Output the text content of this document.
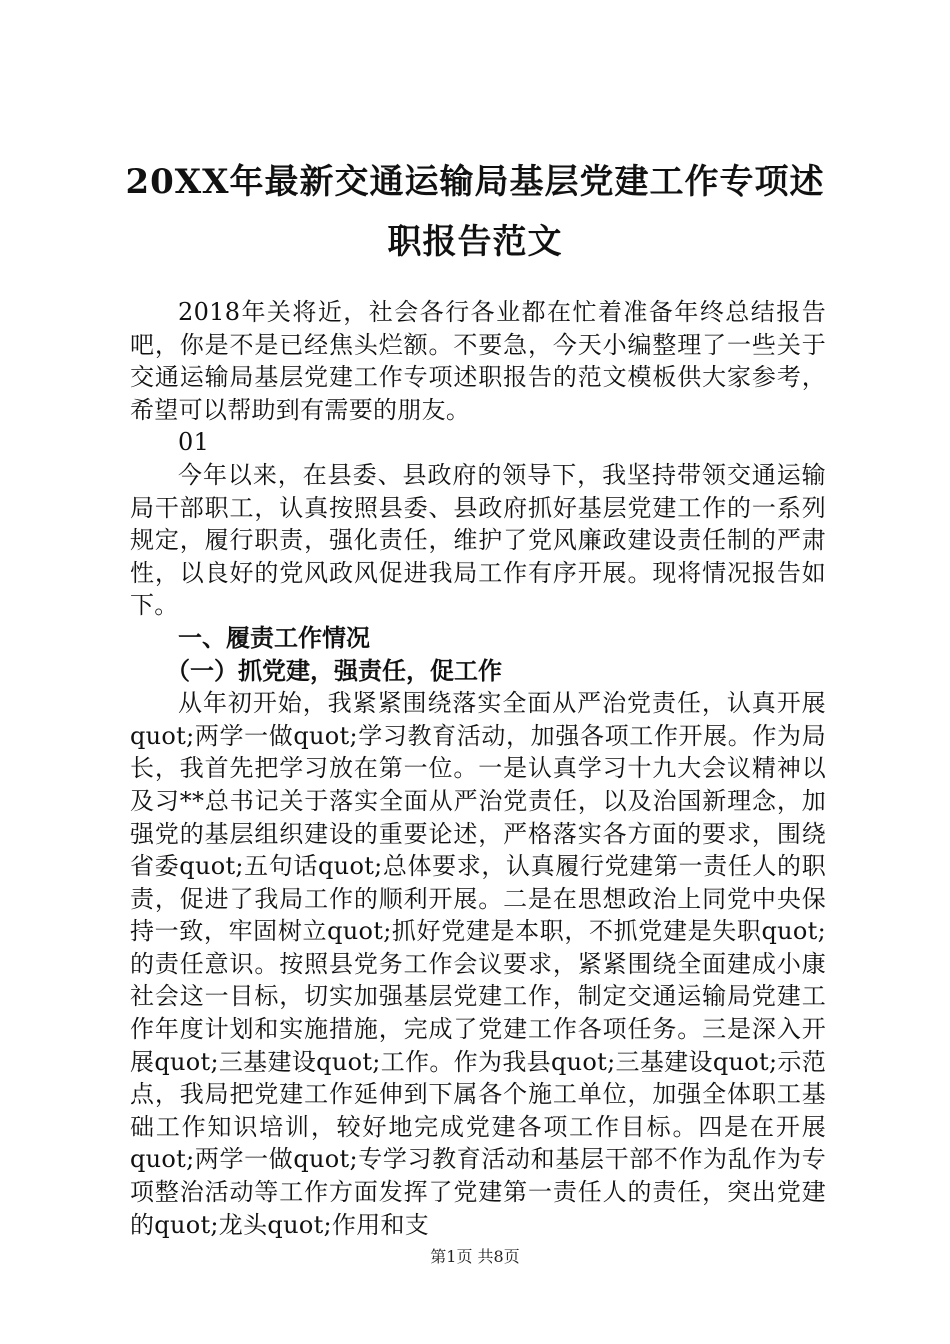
20XX年最新交通运输局基层党建工作专项述
职报告范文

2018年关将近，社会各行各业都在忙着准备年终总结报告吧，你是不是已经焦头烂额。不要急，今天小编整理了一些关于交通运输局基层党建工作专项述职报告的范文模板供大家参考，希望可以帮助到有需要的朋友。

01

今年以来，在县委、县政府的领导下，我坚持带领交通运输局干部职工，认真按照县委、县政府抓好基层党建工作的一系列规定，履行职责，强化责任，维护了党风廉政建设责任制的严肃性，以良好的党风政风促进我局工作有序开展。现将情况报告如下。

一、履责工作情况

（一）抓党建，强责任，促工作

从年初开始，我紧紧围绕落实全面从严治党责任，认真开展quot;两学一做quot;学习教育活动，加强各项工作开展。作为局长，我首先把学习放在第一位。一是认真学习十九大会议精神以及习**总书记关于落实全面从严治党责任，以及治国新理念，加强党的基层组织建设的重要论述，严格落实各方面的要求，围绕省委quot;五句话quot;总体要求，认真履行党建第一责任人的职责，促进了我局工作的顺利开展。二是在思想政治上同党中央保持一致，牢固树立quot;抓好党建是本职，不抓党建是失职quot;的责任意识。按照县党务工作会议要求，紧紧围绕全面建成小康社会这一目标，切实加强基层党建工作，制定交通运输局党建工作年度计划和实施措施，完成了党建工作各项任务。三是深入开展quot;三基建设quot;工作。作为我县quot;三基建设quot;示范点，我局把党建工作延伸到下属各个施工单位，加强全体职工基础工作知识培训，较好地完成党建各项工作目标。四是在开展quot;两学一做quot;专学习教育活动和基层干部不作为乱作为专项整治活动等工作方面发挥了党建第一责任人的责任，突出党建的quot;龙头quot;作用和支

第1页 共8页
